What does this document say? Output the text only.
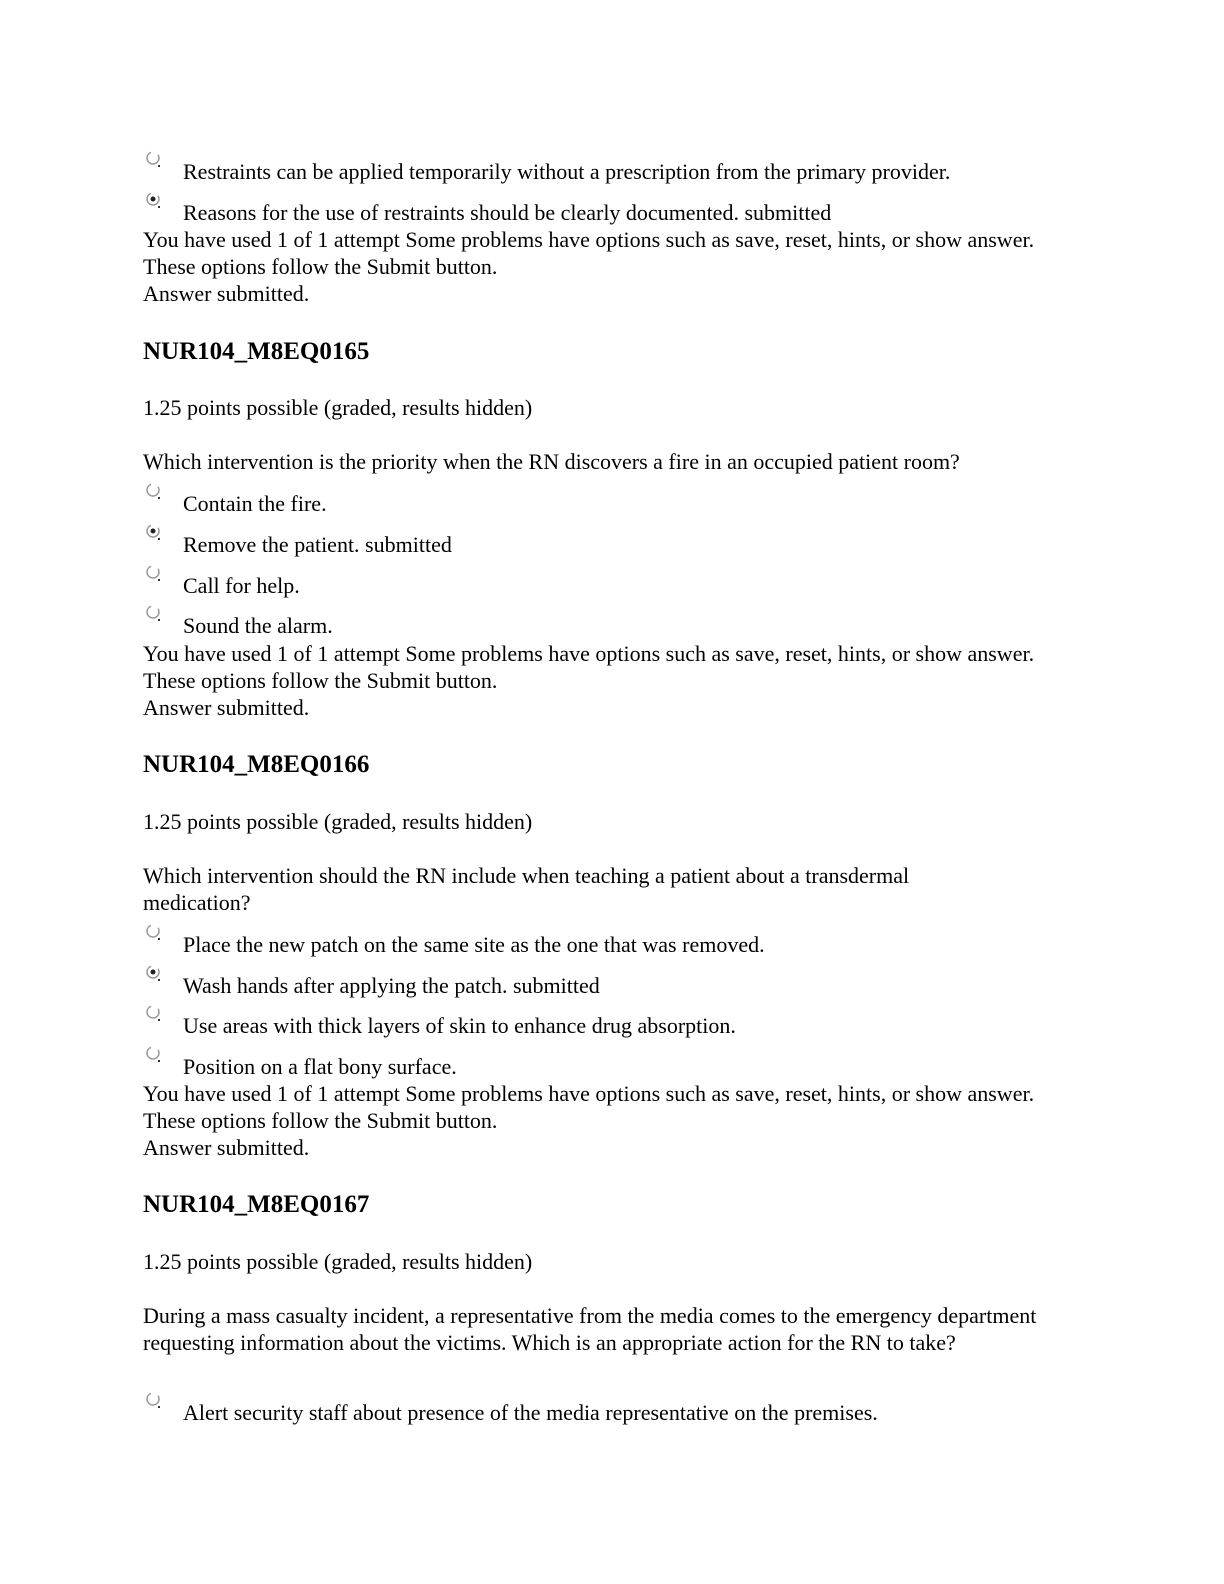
Restraints can be applied temporarily without a prescription from the primary provider.
Reasons for the use of restraints should be clearly documented. submitted

You have used 1 of 1 attempt Some problems have options such as save, reset, hints, or show answer. These options follow the Submit button.

Answer submitted.

NUR104_M8EQ0165

1.25 points possible (graded, results hidden)

Which intervention is the priority when the RN discovers a fire in an occupied patient room?

Contain the fire.
Remove the patient. submitted
Call for help.
Sound the alarm.

You have used 1 of 1 attempt Some problems have options such as save, reset, hints, or show answer. These options follow the Submit button.

Answer submitted.

NUR104_M8EQ0166

1.25 points possible (graded, results hidden)

Which intervention should the RN include when teaching a patient about a transdermal medication?

Place the new patch on the same site as the one that was removed.
Wash hands after applying the patch. submitted
Use areas with thick layers of skin to enhance drug absorption.
Position on a flat bony surface.

You have used 1 of 1 attempt Some problems have options such as save, reset, hints, or show answer. These options follow the Submit button.

Answer submitted.

NUR104_M8EQ0167

1.25 points possible (graded, results hidden)

During a mass casualty incident, a representative from the media comes to the emergency department requesting information about the victims. Which is an appropriate action for the RN to take?

Alert security staff about presence of the media representative on the premises.
